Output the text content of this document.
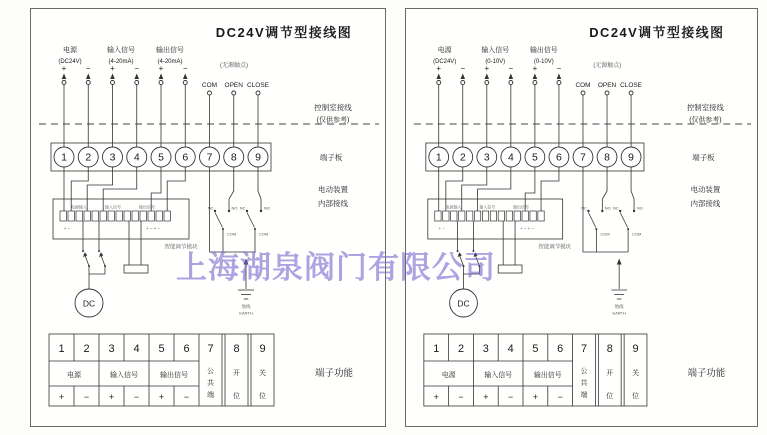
DC24V调节型接线图
电源
(DC24V)
输入信号
(4-20mA)
输出信号
(4-20mA)
+ − + − + −	(无源触点)
COM OPEN CLOSE
控制室接线
(仅供参考)
端子板
电动装置
内部接线
端子功能
1 2 3 4 5 6 7 8 9
电源输入	输入信号	输出信号
+ −	+ − + −
智能调节模块
DC
NC	NO NC	NO
COM	COM
地线
EARTH
1 2 3 4 5 6 7 8 9
电源	输入信号	输出信号
+ − + − + −
公
共
端
开
位
关
位
DC24V调节型接线图
电源
(DC24V)
输入信号
(0-10V)
输出信号
(0-10V)
+ − + − + −	(无源触点)
COM OPEN CLOSE
控制室接线
(仅供参考)
端子板
电动装置
内部接线
端子功能
1 2 3 4 5 6 7 8 9
电源输入	输入信号	输出信号
+ −	+ − + −
智能调节模块
DC
NC	NO NC	NO
COM	COM
地线
EARTH
1 2 3 4 5 6 7 8 9
电源	输入信号	输出信号
+ − + − + −
公
共
端
开
位
关
位
上海湖泉阀门有限公司
